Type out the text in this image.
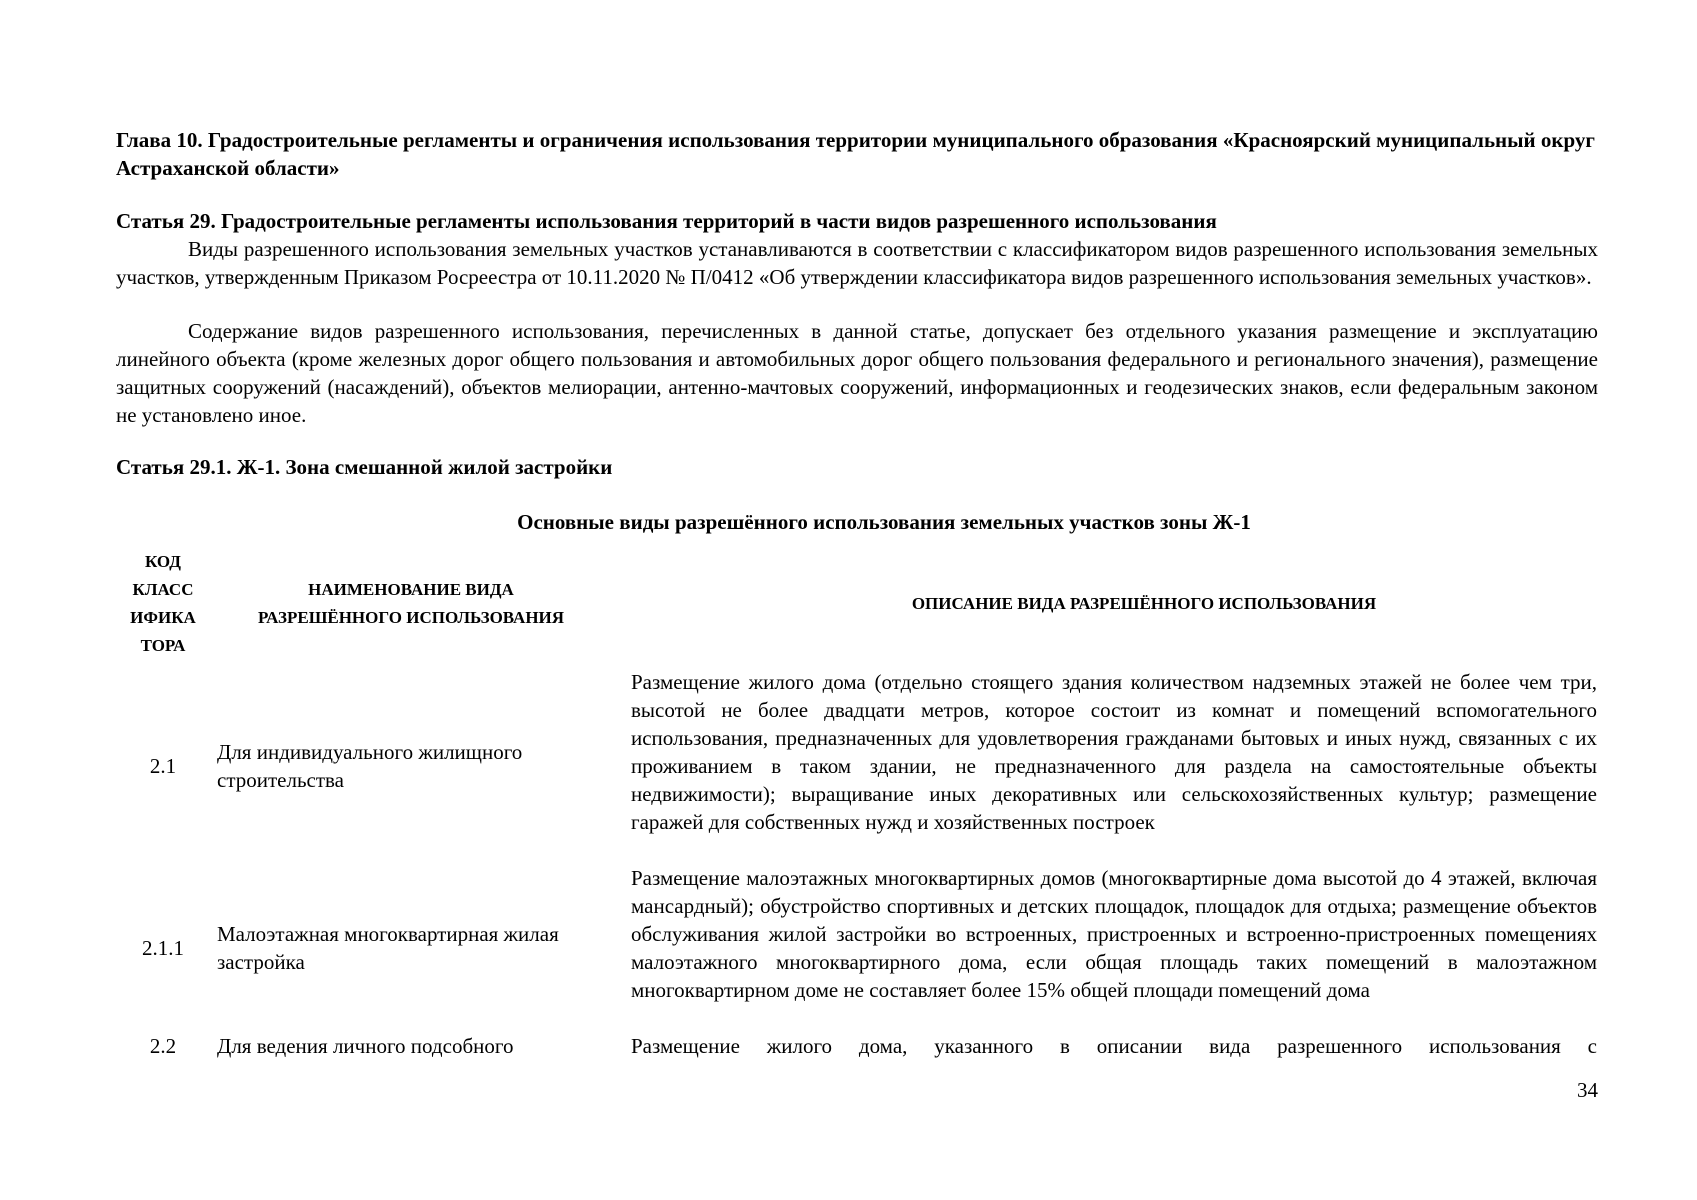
Глава 10. Градостроительные регламенты и ограничения использования территории муниципального образования «Красноярский муниципальный округ Астраханской области»

Статья 29. Градостроительные регламенты использования территорий в части видов разрешенного использования

Виды разрешенного использования земельных участков устанавливаются в соответствии с классификатором видов разрешенного использования земельных участков, утвержденным Приказом Росреестра от 10.11.2020 № П/0412 «Об утверждении классификатора видов разрешенного использования земельных участков».

Содержание видов разрешенного использования, перечисленных в данной статье, допускает без отдельного указания размещение и эксплуатацию линейного объекта (кроме железных дорог общего пользования и автомобильных дорог общего пользования федерального и регионального значения), размещение защитных сооружений (насаждений), объектов мелиорации, антенно-мачтовых сооружений, информационных и геодезических знаков, если федеральным законом не установлено иное.

Статья 29.1. Ж-1. Зона смешанной жилой застройки

Основные виды разрешённого использования земельных участков зоны Ж-1

КОД
КЛАСС
ИФИКА
ТОРА
НАИМЕНОВАНИЕ ВИДА
РАЗРЕШЁННОГО ИСПОЛЬЗОВАНИЯ
ОПИСАНИЕ ВИДА РАЗРЕШЁННОГО ИСПОЛЬЗОВАНИЯ
2.1
Для индивидуального жилищного строительства
Размещение жилого дома (отдельно стоящего здания количеством надземных этажей не более чем три, высотой не более двадцати метров, которое состоит из комнат и помещений вспомогательного использования, предназначенных для удовлетворения гражданами бытовых и иных нужд, связанных с их проживанием в таком здании, не предназначенного для раздела на самостоятельные объекты недвижимости); выращивание иных декоративных или сельскохозяйственных культур; размещение гаражей для собственных нужд и хозяйственных построек
2.1.1
Малоэтажная многоквартирная жилая застройка
Размещение малоэтажных многоквартирных домов (многоквартирные дома высотой до 4 этажей, включая мансардный); обустройство спортивных и детских площадок, площадок для отдыха; размещение объектов обслуживания жилой застройки во встроенных, пристроенных и встроенно-пристроенных помещениях малоэтажного многоквартирного дома, если общая площадь таких помещений в малоэтажном многоквартирном доме не составляет более 15% общей площади помещений дома
2.2	Для ведения личного подсобного	Размещение жилого дома, указанного в описании вида разрешенного использования с
34
